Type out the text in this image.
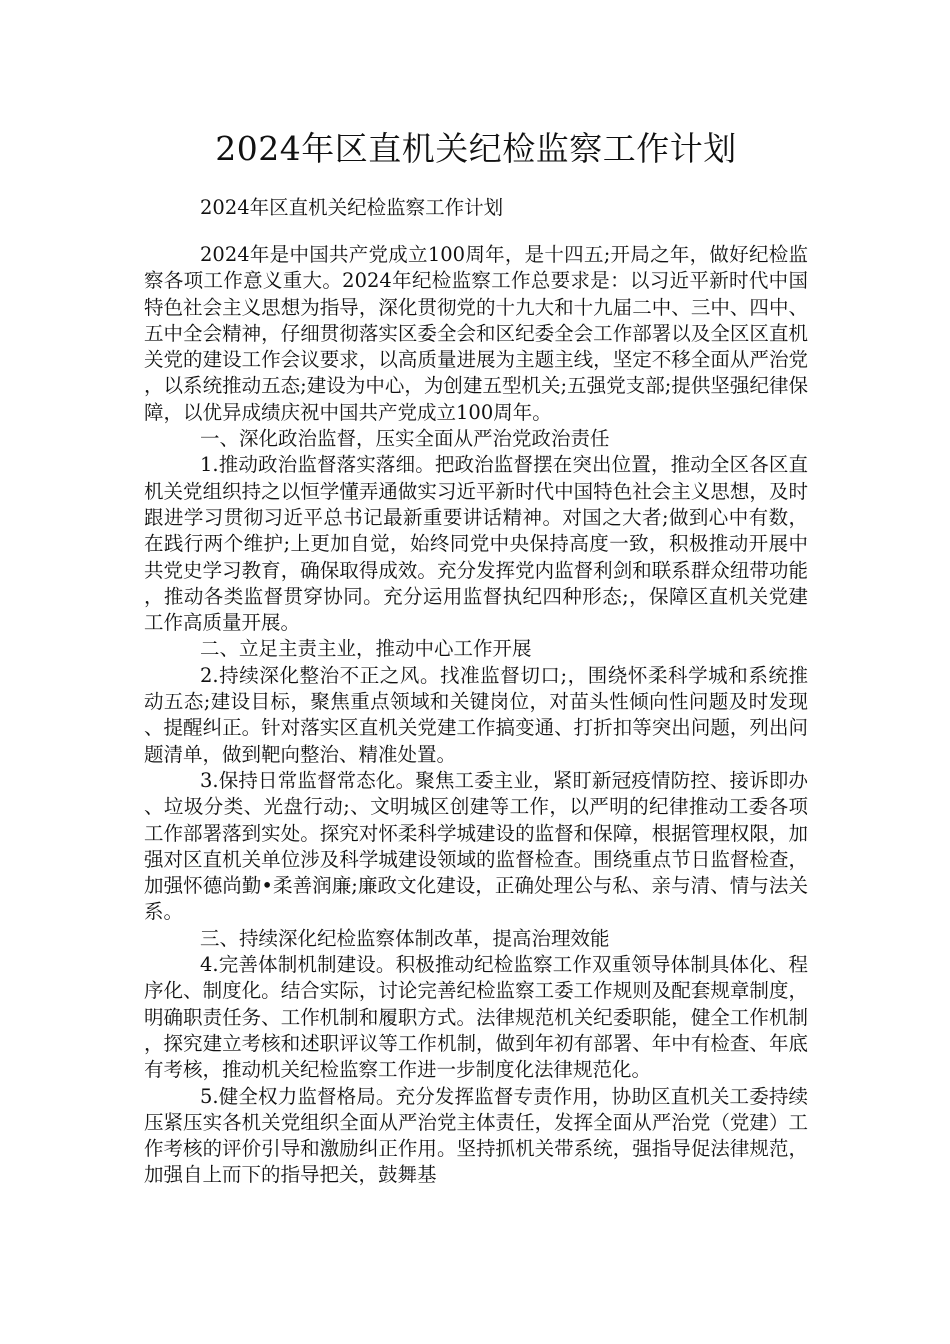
2024年区直机关纪检监察工作计划

2024年区直机关纪检监察工作计划

2024年是中国共产党成立100周年，是十四五;开局之年，做好纪检监察各项工作意义重大。2024年纪检监察工作总要求是：以习近平新时代中国特色社会主义思想为指导，深化贯彻党的十九大和十九届二中、三中、四中、五中全会精神，仔细贯彻落实区委全会和区纪委全会工作部署以及全区区直机关党的建设工作会议要求，以高质量进展为主题主线，坚定不移全面从严治党，以系统推动五态;建设为中心，为创建五型机关;五强党支部;提供坚强纪律保障，以优异成绩庆祝中国共产党成立100周年。

一、深化政治监督，压实全面从严治党政治责任

1.推动政治监督落实落细。把政治监督摆在突出位置，推动全区各区直机关党组织持之以恒学懂弄通做实习近平新时代中国特色社会主义思想，及时跟进学习贯彻习近平总书记最新重要讲话精神。对国之大者;做到心中有数，在践行两个维护;上更加自觉，始终同党中央保持高度一致，积极推动开展中共党史学习教育，确保取得成效。充分发挥党内监督利剑和联系群众纽带功能，推动各类监督贯穿协同。充分运用监督执纪四种形态;，保障区直机关党建工作高质量开展。

二、立足主责主业，推动中心工作开展

2.持续深化整治不正之风。找准监督切口;，围绕怀柔科学城和系统推动五态;建设目标，聚焦重点领域和关键岗位，对苗头性倾向性问题及时发现、提醒纠正。针对落实区直机关党建工作搞变通、打折扣等突出问题，列出问题清单，做到靶向整治、精准处置。

3.保持日常监督常态化。聚焦工委主业，紧盯新冠疫情防控、接诉即办、垃圾分类、光盘行动;、文明城区创建等工作，以严明的纪律推动工委各项工作部署落到实处。探究对怀柔科学城建设的监督和保障，根据管理权限，加强对区直机关单位涉及科学城建设领域的监督检查。围绕重点节日监督检查，加强怀德尚勤•柔善润廉;廉政文化建设，正确处理公与私、亲与清、情与法关系。

三、持续深化纪检监察体制改革，提高治理效能

4.完善体制机制建设。积极推动纪检监察工作双重领导体制具体化、程序化、制度化。结合实际，讨论完善纪检监察工委工作规则及配套规章制度，明确职责任务、工作机制和履职方式。法律规范机关纪委职能，健全工作机制，探究建立考核和述职评议等工作机制，做到年初有部署、年中有检查、年底有考核，推动机关纪检监察工作进一步制度化法律规范化。

5.健全权力监督格局。充分发挥监督专责作用，协助区直机关工委持续压紧压实各机关党组织全面从严治党主体责任，发挥全面从严治党（党建）工作考核的评价引导和激励纠正作用。坚持抓机关带系统，强指导促法律规范，加强自上而下的指导把关，鼓舞基
